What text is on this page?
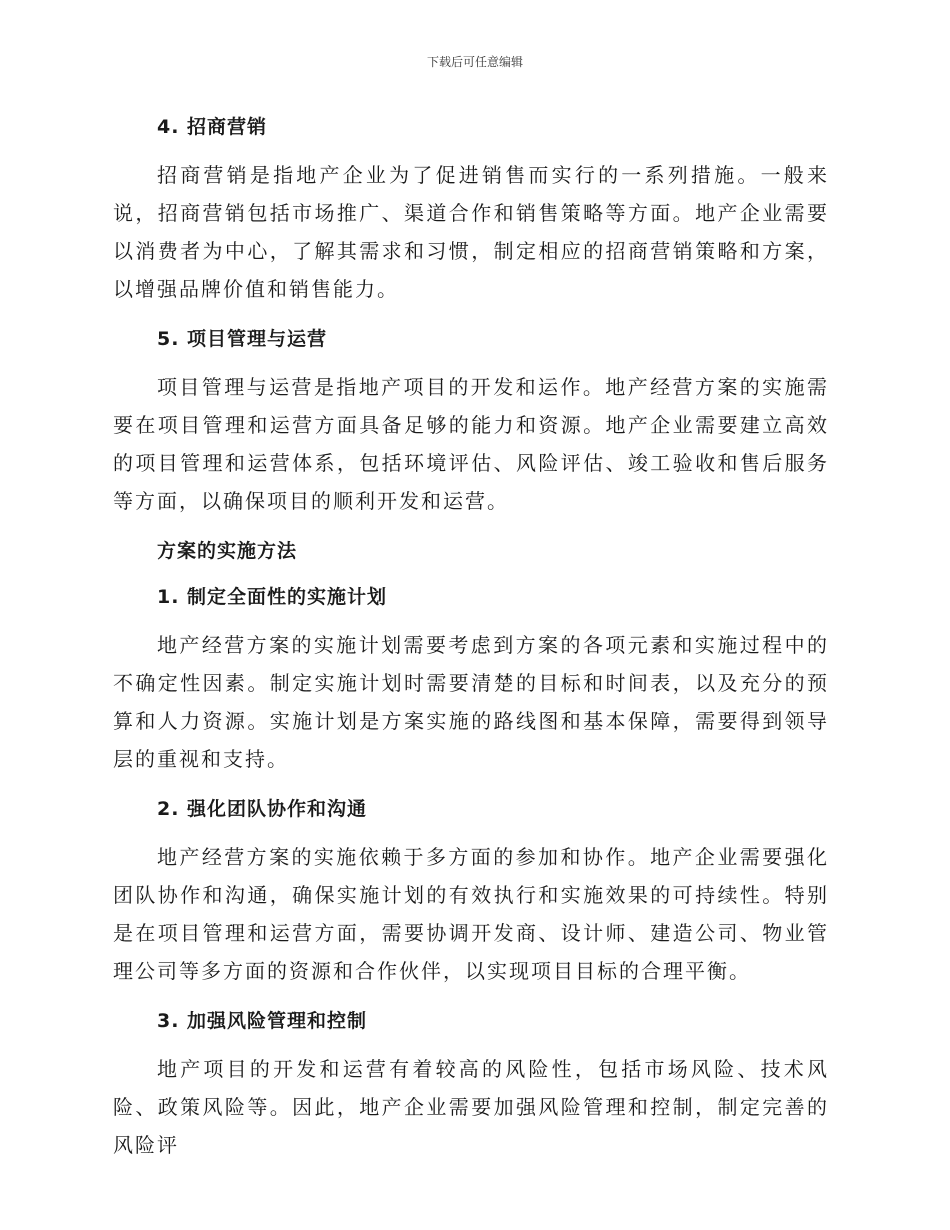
下载后可任意编辑
4. 招商营销

招商营销是指地产企业为了促进销售而实行的一系列措施。一般来说，招商营销包括市场推广、渠道合作和销售策略等方面。地产企业需要以消费者为中心，了解其需求和习惯，制定相应的招商营销策略和方案，以增强品牌价值和销售能力。

5. 项目管理与运营

项目管理与运营是指地产项目的开发和运作。地产经营方案的实施需要在项目管理和运营方面具备足够的能力和资源。地产企业需要建立高效的项目管理和运营体系，包括环境评估、风险评估、竣工验收和售后服务等方面，以确保项目的顺利开发和运营。

方案的实施方法
1. 制定全面性的实施计划

地产经营方案的实施计划需要考虑到方案的各项元素和实施过程中的不确定性因素。制定实施计划时需要清楚的目标和时间表，以及充分的预算和人力资源。实施计划是方案实施的路线图和基本保障，需要得到领导层的重视和支持。

2. 强化团队协作和沟通

地产经营方案的实施依赖于多方面的参加和协作。地产企业需要强化团队协作和沟通，确保实施计划的有效执行和实施效果的可持续性。特别是在项目管理和运营方面，需要协调开发商、设计师、建造公司、物业管理公司等多方面的资源和合作伙伴，以实现项目目标的合理平衡。

3. 加强风险管理和控制

地产项目的开发和运营有着较高的风险性，包括市场风险、技术风险、政策风险等。因此，地产企业需要加强风险管理和控制，制定完善的风险评
